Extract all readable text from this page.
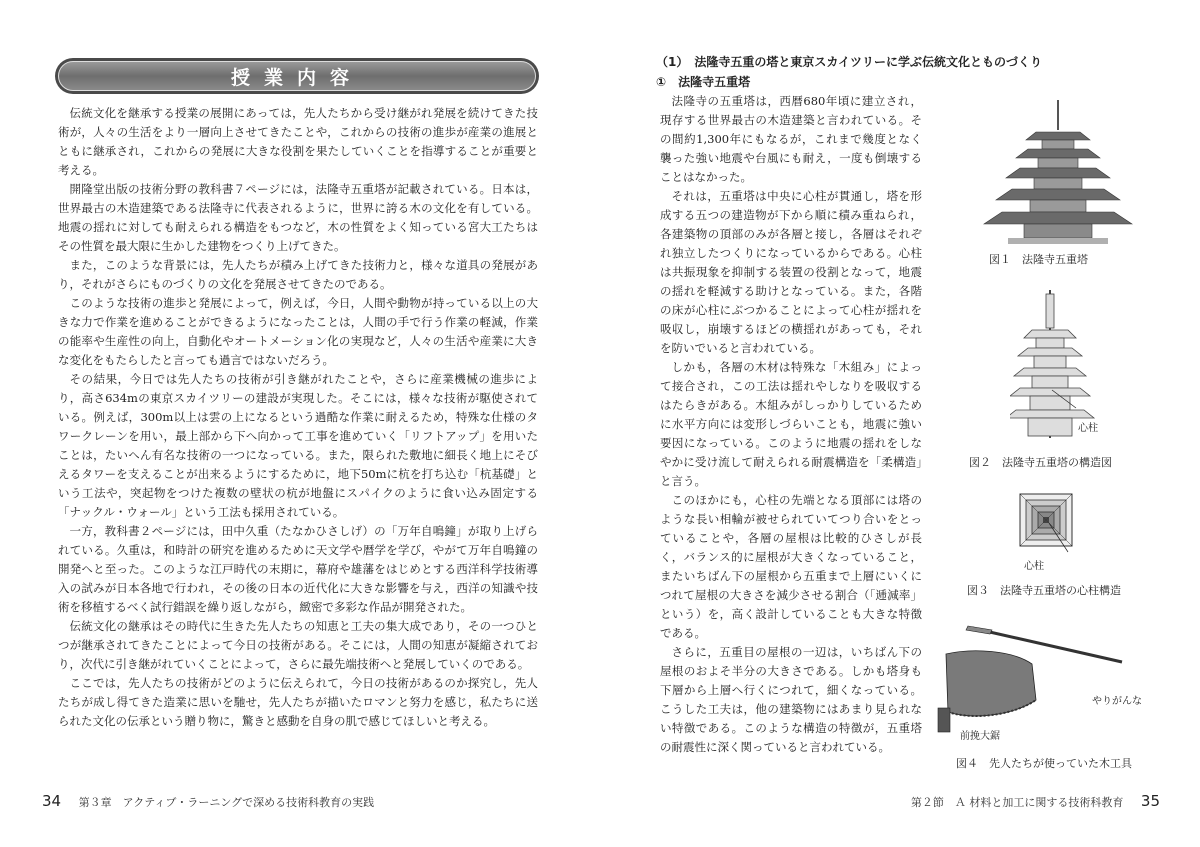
授業内容

伝統文化を継承する授業の展開にあっては，先人たちから受け継がれ発展を続けてきた技術が，人々の生活をより一層向上させてきたことや，これからの技術の進歩が産業の進展とともに継承され，これからの発展に大きな役割を果たしていくことを指導することが重要と考える。

開隆堂出版の技術分野の教科書７ページには，法隆寺五重塔が記載されている。日本は，世界最古の木造建築である法隆寺に代表されるように，世界に誇る木の文化を有している。地震の揺れに対しても耐えられる構造をもつなど，木の性質をよく知っている宮大工たちはその性質を最大限に生かした建物をつくり上げてきた。

また，このような背景には，先人たちが積み上げてきた技術力と，様々な道具の発展があり，それがさらにものづくりの文化を発展させてきたのである。

このような技術の進歩と発展によって，例えば，今日，人間や動物が持っている以上の大きな力で作業を進めることができるようになったことは，人間の手で行う作業の軽減，作業の能率や生産性の向上，自動化やオートメーション化の実現など，人々の生活や産業に大きな変化をもたらしたと言っても過言ではないだろう。

その結果，今日では先人たちの技術が引き継がれたことや，さらに産業機械の進歩により，高さ634mの東京スカイツリーの建設が実現した。そこには，様々な技術が駆使されている。例えば，300m以上は雲の上になるという過酷な作業に耐えるため，特殊な仕様のタワークレーンを用い，最上部から下へ向かって工事を進めていく「リフトアップ」を用いたことは，たいへん有名な技術の一つになっている。また，限られた敷地に細長く地上にそびえるタワーを支えることが出来るようにするために，地下50mに杭を打ち込む「杭基礎」という工法や，突起物をつけた複数の壁状の杭が地盤にスパイクのように食い込み固定する「ナックル・ウォール」という工法も採用されている。

一方，教科書２ページには，田中久重（たなかひさしげ）の「万年自鳴鐘」が取り上げられている。久重は，和時計の研究を進めるために天文学や暦学を学び，やがて万年自鳴鐘の開発へと至った。このような江戸時代の末期に，幕府や雄藩をはじめとする西洋科学技術導入の試みが日本各地で行われ，その後の日本の近代化に大きな影響を与え，西洋の知識や技術を移植するべく試行錯誤を繰り返しながら，緻密で多彩な作品が開発された。

伝統文化の継承はその時代に生きた先人たちの知恵と工夫の集大成であり，その一つひとつが継承されてきたことによって今日の技術がある。そこには，人間の知恵が凝縮されており，次代に引き継がれていくことによって，さらに最先端技術へと発展していくのである。

ここでは，先人たちの技術がどのように伝えられて，今日の技術があるのか探究し，先人たちが成し得てきた造業に思いを馳せ，先人たちが描いたロマンと努力を感じ，私たちに送られた文化の伝承という贈り物に，驚きと感動を自身の肌で感じてほしいと考える。

34 第３章　アクティブ・ラーニングで深める技術科教育の実践
（1）　法隆寺五重の塔と東京スカイツリーに学ぶ伝統文化とものづくり
①　法隆寺五重塔

法隆寺の五重塔は，西暦680年頃に建立され，現存する世界最古の木造建築と言われている。その間約1,300年にもなるが，これまで幾度となく襲った強い地震や台風にも耐え，一度も倒壊することはなかった。

それは，五重塔は中央に心柱が貫通し，塔を形成する五つの建造物が下から順に積み重ねられ，各建築物の頂部のみが各層と接し，各層はそれぞれ独立したつくりになっているからである。心柱は共振現象を抑制する装置の役割となって，地震の揺れを軽減する助けとなっている。また，各階の床が心柱にぶつかることによって心柱が揺れを吸収し，崩壊するほどの横揺れがあっても，それを防いでいると言われている。

しかも，各層の木材は特殊な「木組み」によって接合され，この工法は揺れやしなりを吸収するはたらきがある。木組みがしっかりしているために水平方向には変形しづらいことも，地震に強い要因になっている。このように地震の揺れをしなやかに受け流して耐えられる耐震構造を「柔構造」と言う。

このほかにも，心柱の先端となる頂部には塔のような長い相輪が被せられていてつり合いをとっていることや，各層の屋根は比較的ひさしが長く，バランス的に屋根が大きくなっていること，またいちばん下の屋根から五重まで上層にいくにつれて屋根の大きさを減少させる割合（「逓減率」という）を，高く設計していることも大きな特徴である。

さらに，五重目の屋根の一辺は，いちばん下の屋根のおよそ半分の大きさである。しかも塔身も下層から上層へ行くにつれて，細くなっている。こうした工夫は，他の建築物にはあまり見られない特徴である。このような構造の特徴が，五重塔の耐震性に深く関っていると言われている。

図１　法隆寺五重塔
心柱
図２　法隆寺五重塔の構造図
心柱
図３　法隆寺五重塔の心柱構造
やりがんな
前挽大鋸
図４　先人たちが使っていた木工具
第２節　Ａ 材料と加工に関する技術科教育 35
